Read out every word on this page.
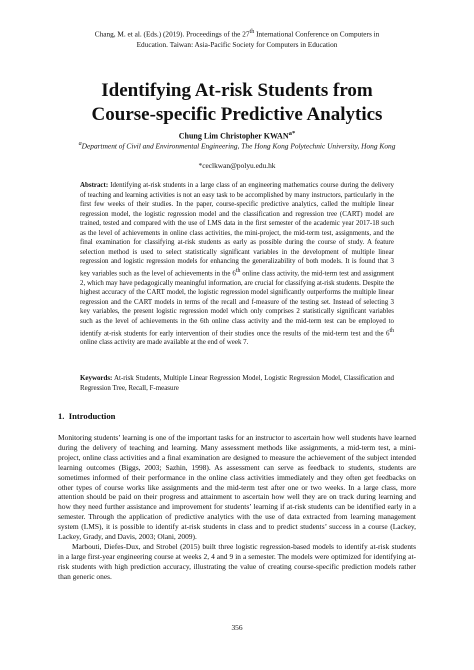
Chang, M. et al. (Eds.) (2019). Proceedings of the 27th International Conference on Computers in
Education. Taiwan: Asia-Pacific Society for Computers in Education
Identifying At-risk Students from
Course-specific Predictive Analytics
Chung Lim Christopher $KWAN^{a*}$
$^a$Department of Civil and Environmental Engineering, The Hong Kong Polytechnic University, Hong Kong
*ceclkwan@polyu.edu.hk
Abstract: Identifying at-risk students in a large class of an engineering mathematics course during the delivery of teaching and learning activities is not an easy task to be accomplished by many instructors, particularly in the first few weeks of their studies. In the paper, course-specific predictive analytics, called the multiple linear regression model, the logistic regression model and the classification and regression tree (CART) model are trained, tested and compared with the use of LMS data in the first semester of the academic year 2017-18 such as the level of achievements in online class activities, the mini-project, the mid-term test, assignments, and the final examination for classifying at-risk students as early as possible during the course of study. A feature selection method is used to select statistically significant variables in the development of multiple linear regression and logistic regression models for enhancing the generalizability of both models. It is found that 3 key variables such as the level of achievements in the 6th online class activity, the mid-term test and assignment 2, which may have pedagogically meaningful information, are crucial for classifying at-risk students. Despite the highest accuracy of the CART model, the logistic regression model significantly outperforms the multiple linear regression and the CART models in terms of the recall and f-measure of the testing set. Instead of selecting 3 key variables, the present logistic regression model which only comprises 2 statistically significant variables such as the level of achievements in the 6th online class activity and the mid-term test can be employed to identify at-risk students for early intervention of their studies once the results of the mid-term test and the 6th online class activity are made available at the end of week 7.
Keywords: At-risk Students, Multiple Linear Regression Model, Logistic Regression Model, Classification and Regression Tree, Recall, F-measure
1. Introduction

Monitoring students’ learning is one of the important tasks for an instructor to ascertain how well students have learned during the delivery of teaching and learning. Many assessment methods like assignments, a mid-term test, a mini-project, online class activities and a final examination are designed to measure the achievement of the subject intended learning outcomes (Biggs, 2003; Sazhin, 1998). As assessment can serve as feedback to students, students are sometimes informed of their performance in the online class activities immediately and they often get feedbacks on other types of course works like assignments and the mid-term test after one or two weeks. In a large class, more attention should be paid on their progress and attainment to ascertain how well they are on track during learning and how they need further assistance and improvement for students’ learning if at-risk students can be identified early in a semester. Through the application of predictive analytics with the use of data extracted from learning management system (LMS), it is possible to identify at-risk students in class and to predict students’ success in a course (Lackey, Lackey, Grady, and Davis, 2003; Olani, 2009).

Marbouti, Diefes-Dux, and Strobel (2015) built three logistic regression-based models to identify at-risk students in a large first-year engineering course at weeks 2, 4 and 9 in a semester. The models were optimized for identifying at-risk students with high prediction accuracy, illustrating the value of creating course-specific prediction models rather than generic ones.

356
